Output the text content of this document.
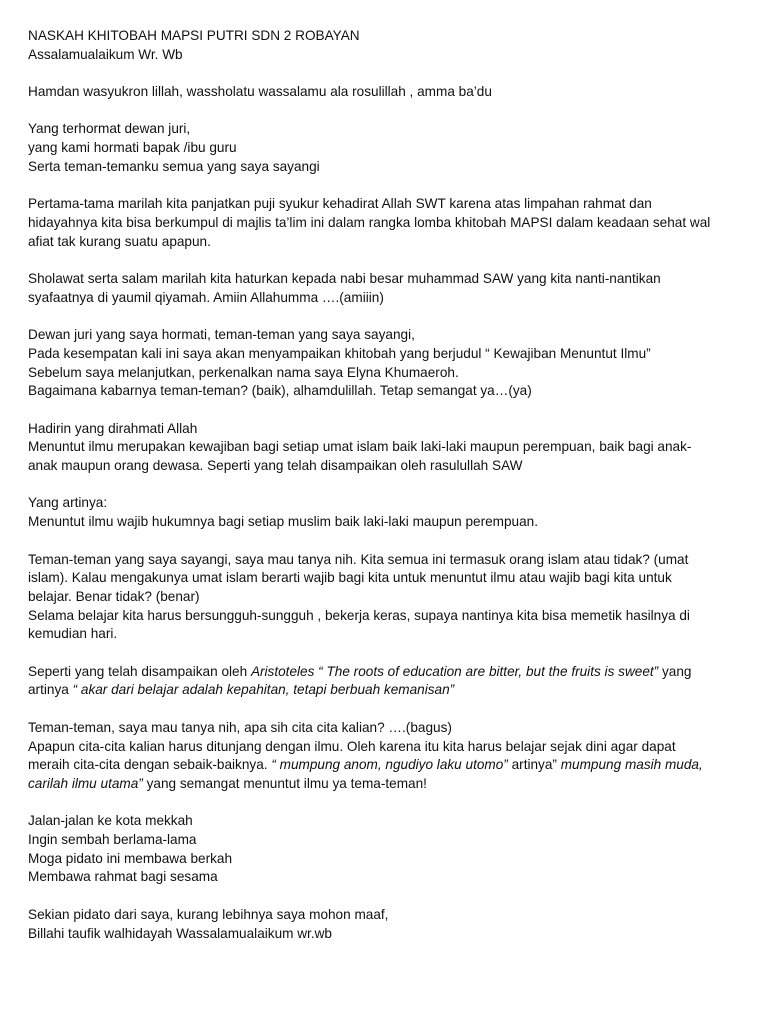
NASKAH KHITOBAH MAPSI PUTRI SDN 2 ROBAYAN
Assalamualaikum Wr. Wb
Hamdan wasyukron lillah, wassholatu wassalamu ala rosulillah , amma ba’du
Yang terhormat dewan juri,
yang kami hormati bapak /ibu guru
Serta teman-temanku semua yang saya sayangi
Pertama-tama marilah kita panjatkan puji syukur kehadirat Allah SWT karena atas limpahan rahmat dan
hidayahnya kita bisa berkumpul di majlis ta’lim ini dalam rangka lomba khitobah MAPSI dalam keadaan sehat wal
afiat tak kurang suatu apapun.
Sholawat serta salam marilah kita haturkan kepada nabi besar muhammad SAW yang kita nanti-nantikan
syafaatnya di yaumil qiyamah. Amiin Allahumma ….(amiiin)
Dewan juri yang saya hormati, teman-teman yang saya sayangi,
Pada kesempatan kali ini saya akan menyampaikan khitobah yang berjudul “ Kewajiban Menuntut Ilmu”
Sebelum saya melanjutkan, perkenalkan nama saya Elyna Khumaeroh.
Bagaimana kabarnya teman-teman? (baik), alhamdulillah. Tetap semangat ya…(ya)
Hadirin yang dirahmati Allah
Menuntut ilmu merupakan kewajiban bagi setiap umat islam baik laki-laki maupun perempuan, baik bagi anak-
anak maupun orang dewasa. Seperti yang telah disampaikan oleh rasulullah SAW
Yang artinya:
Menuntut ilmu wajib hukumnya bagi setiap muslim baik laki-laki maupun perempuan.
Teman-teman yang saya sayangi, saya mau tanya nih. Kita semua ini termasuk orang islam atau tidak? (umat
islam). Kalau mengakunya umat islam berarti wajib bagi kita untuk menuntut ilmu atau wajib bagi kita untuk
belajar. Benar tidak? (benar)
Selama belajar kita harus bersungguh-sungguh , bekerja keras, supaya nantinya kita bisa memetik hasilnya di
kemudian hari.
Seperti yang telah disampaikan oleh Aristoteles “ The roots of education are bitter, but the fruits is sweet” yang
artinya “ akar dari belajar adalah kepahitan, tetapi berbuah kemanisan”
Teman-teman, saya mau tanya nih, apa sih cita cita kalian? ….(bagus)
Apapun cita-cita kalian harus ditunjang dengan ilmu. Oleh karena itu kita harus belajar sejak dini agar dapat
meraih cita-cita dengan sebaik-baiknya. “ mumpung anom, ngudiyo laku utomo” artinya” mumpung masih muda,
carilah ilmu utama” yang semangat menuntut ilmu ya tema-teman!
Jalan-jalan ke kota mekkah
Ingin sembah berlama-lama
Moga pidato ini membawa berkah
Membawa rahmat bagi sesama
Sekian pidato dari saya, kurang lebihnya saya mohon maaf,
Billahi taufik walhidayah Wassalamualaikum wr.wb
